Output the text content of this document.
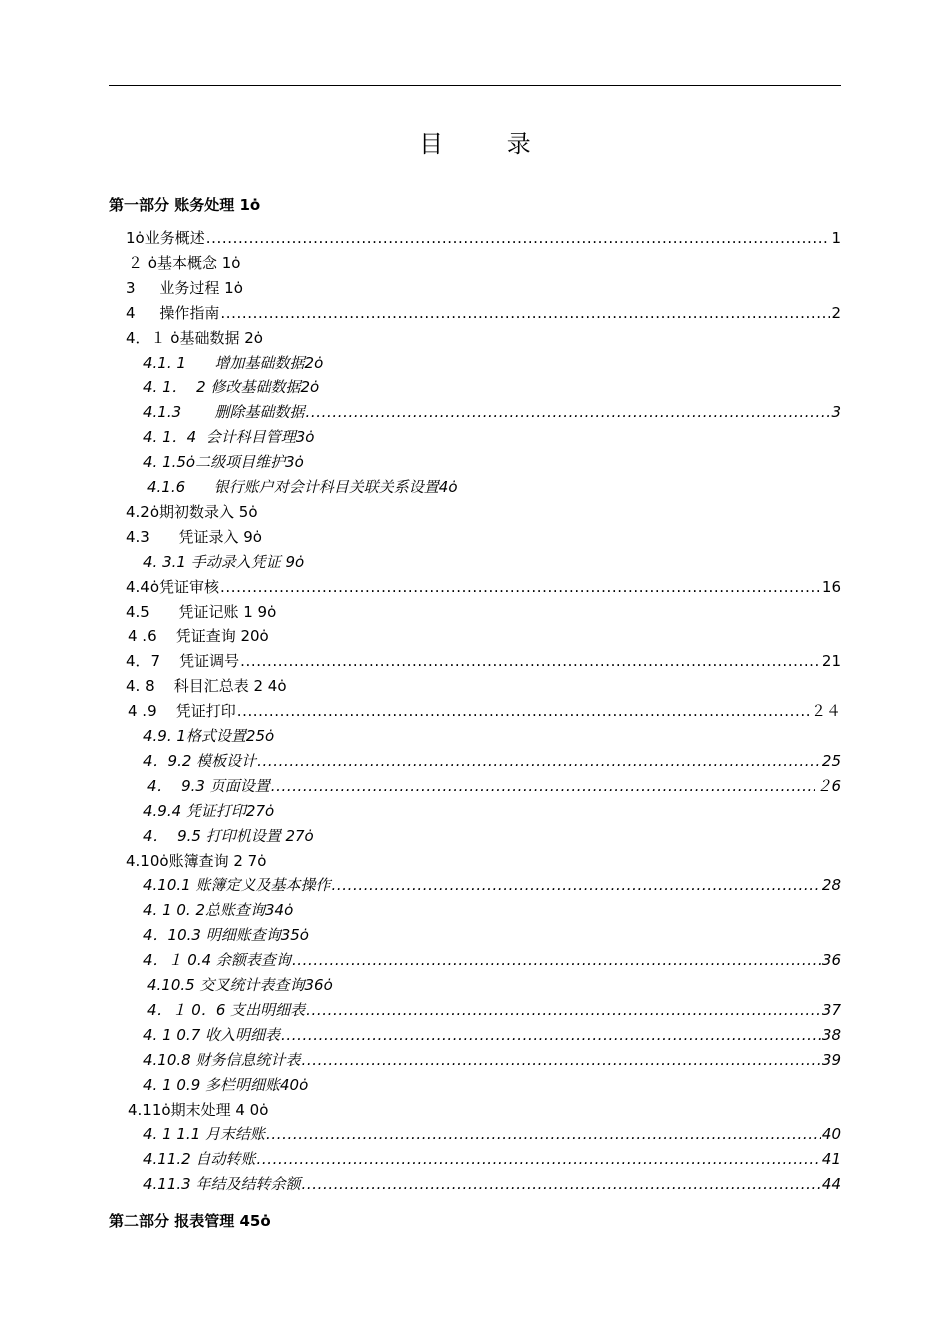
目 录
第一部分 账务处理 1ȯ
1ȯ业务概述 .....	1
２ ȯ基本概念 1ȯ
3     业务过程 1ȯ
4     操作指南 .....	2
4．１ ȯ基础数据 2ȯ
4.1. 1      增加基础数据2ȯ
4. 1．  2 修改基础数据2ȯ
4.1.3       删除基础数据 .....	3
4. 1．4  会计科目管理3ȯ
4. 1.5ȯ二级项目维护3ȯ
4.1.6      银行账户对会计科目关联关系设置4ȯ
4.2ȯ期初数录入 5ȯ
4.3      凭证录入 9ȯ
4. 3.1 手动录入凭证 9ȯ
4.4ȯ凭证审核 .....	16
4.5      凭证记账 1 9ȯ
4 .6    凭证查询 20ȯ
4．7    凭证调号 .....	21
4. 8    科目汇总表 2 4ȯ
4 .9    凭证打印 .....	２４
4.9. 1格式设置25ȯ
4．9.2 模板设计 .....	25
4．  9.3 页面设置 .....	２6
4.9.4 凭证打印27ȯ
4．  9.5 打印机设置 27ȯ
4.10ȯ账簿查询 2 7ȯ
4.10.1 账簿定义及基本操作 .....	28
4. 1 0. 2总账查询34ȯ
4．10.3 明细账查询35ȯ
4．１ 0.4 余额表查询 .....	36
4.10.5 交叉统计表查询36ȯ
4．１ 0．6 支出明细表 .....	37
4. 1 0.7 收入明细表 .....	38
4.10.8 财务信息统计表 .....	39
4. 1 0.9 多栏明细账40ȯ
4.11ȯ期末处理 4 0ȯ
4. 1 1.1 月末结账 .....	40
4.11.2 自动转账 .....	41
4.11.3 年结及结转余额 .....	44
第二部分 报表管理 45ȯ
